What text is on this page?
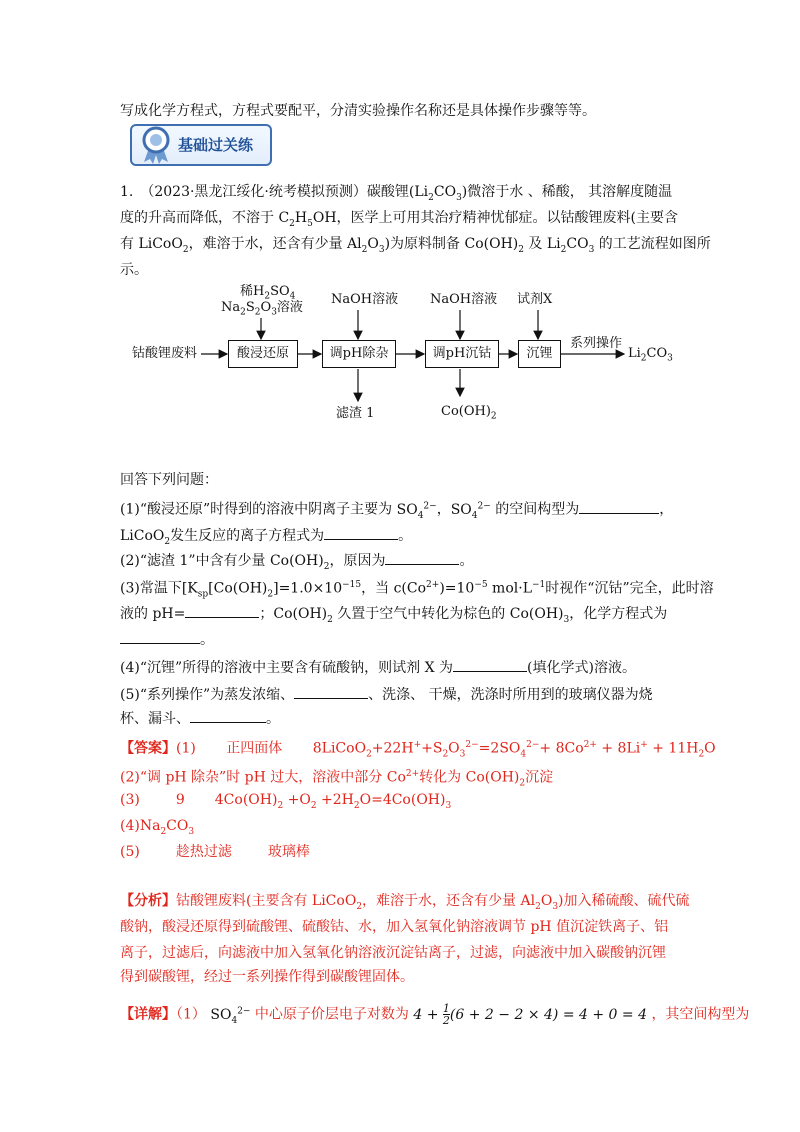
写成化学方程式，方程式要配平，分清实验操作名称还是具体操作步骤等等。
基础过关练
1.　（2023·黑龙江绥化·统考模拟预测）碳酸锂$(Li_2CO_3)$微溶于水 、稀酸， 其溶解度随温
度的升高而降低，不溶于 $C_2H_5OH$，医学上可用其治疗精神忧郁症。以钴酸锂废料(主要含
有 LiCoO$_2$，难溶于水，还含有少量 $Al_2O_3$)为原料制备 $Co(OH)_2$ 及 $Li_2CO_3$ 的工艺流程如图所
示。
钴酸锂废料	酸浸还原	调pH除杂	调pH沉钴	沉锂
稀$H_2SO_4$
$Na_2S_2O_3$溶液
NaOH溶液 NaOH溶液 试剂X
系列操作
$Li_2CO_3$
滤渣 1	$Co(OH)_2$
回答下列问题：
(1)“酸浸还原”时得到的溶液中阴离子主要为 $SO_4^{2-}$，$SO_4^{2-}$ 的空间构型为	，
LiCoO$_2$发生反应的离子方程式为	。
(2)“滤渣 1”中含有少量 $Co(OH)_2$，原因为	。
(3)常温下[$K_{sp}[Co(OH)_2]=1.0\times 10^{-15}$，当 $c(Co^{2+})=10^{-5}$ $mol\cdot L^{-1}$时视作“沉钴”完全，此时溶
液的 pH=	；$Co(OH)_2$ 久置于空气中转化为棕色的 $Co(OH)_3$，化学方程式为
。
(4)“沉锂”所得的溶液中主要含有硫酸钠，则试剂 X 为	(填化学式)溶液。
(5)“系列操作”为蒸发浓缩、	、洗涤、 干燥，洗涤时所用到的玻璃仪器为烧
杯、漏斗、	。
【答案】(1) 正四面体 $8LiCoO_2+22H^++S_2O_3^{2-}=2SO_4^{2-}+ 8Co^{2+} + 8Li^+ + 11H_2O$
(2)“调 pH 除杂”时 pH 过大，溶液中部分 $Co^{2+}$转化为 $Co(OH)_2$沉淀
(3)	9 $4Co(OH)_2 +O_2 +2H_2O=4Co(OH)_3$
$(4)Na_2CO_3$
(5)	趁热过滤	玻璃棒
【分析】钴酸锂废料(主要含有 LiCoO$_2$，难溶于水，还含有少量 $Al_2O_3$)加入稀硫酸、硫代硫
酸钠，酸浸还原得到硫酸锂、硫酸钴、水，加入氢氧化钠溶液调节 pH 值沉淀铁离子、铝
离子，过滤后，向滤液中加入氢氧化钠溶液沉淀钴离子，过滤，向滤液中加入碳酸钠沉锂
得到碳酸锂，经过一系列操作得到碳酸锂固体。
【详解】（1） $SO_4^{2-}$ 中心原子价层电子对数为 $4 + \frac{1}{2} (6 + 2 - 2 \times 4) = 4 + 0 = 4$ ，其空间构型为
